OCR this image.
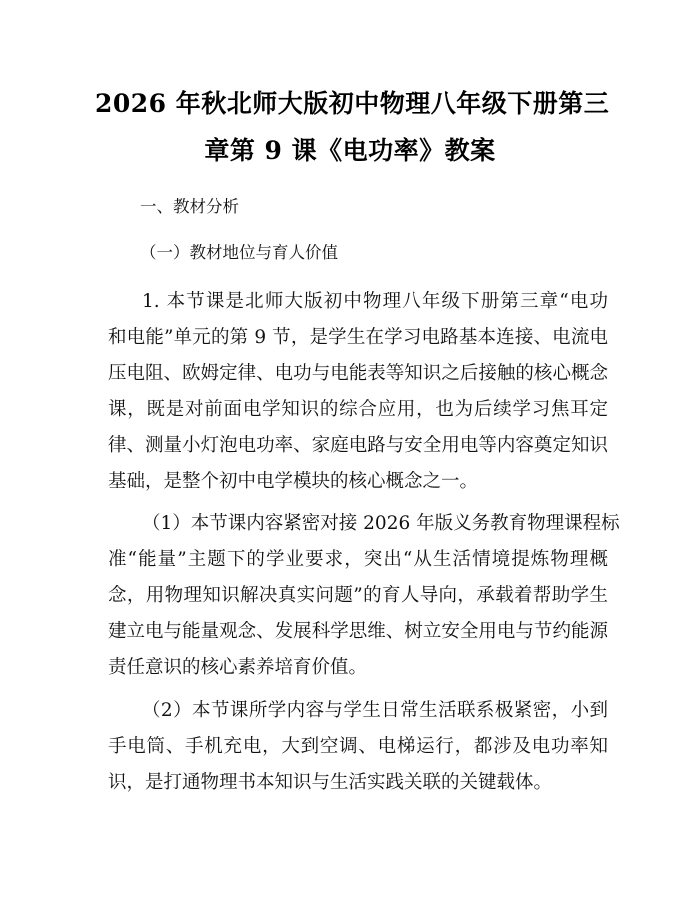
2026 年秋北师大版初中物理八年级下册第三
章第 9 课《电功率》教案
一、教材分析
（一）教材地位与育人价值
1. 本节课是北师大版初中物理八年级下册第三章“电功
和电能”单元的第 9 节，是学生在学习电路基本连接、电流电
压电阻、欧姆定律、电功与电能表等知识之后接触的核心概念
课，既是对前面电学知识的综合应用，也为后续学习焦耳定
律、测量小灯泡电功率、家庭电路与安全用电等内容奠定知识
基础，是整个初中电学模块的核心概念之一。
（1）本节课内容紧密对接 2026 年版义务教育物理课程标
准“能量”主题下的学业要求，突出“从生活情境提炼物理概
念，用物理知识解决真实问题”的育人导向，承载着帮助学生
建立电与能量观念、发展科学思维、树立安全用电与节约能源
责任意识的核心素养培育价值。
（2）本节课所学内容与学生日常生活联系极紧密，小到
手电筒、手机充电，大到空调、电梯运行，都涉及电功率知
识，是打通物理书本知识与生活实践关联的关键载体。
